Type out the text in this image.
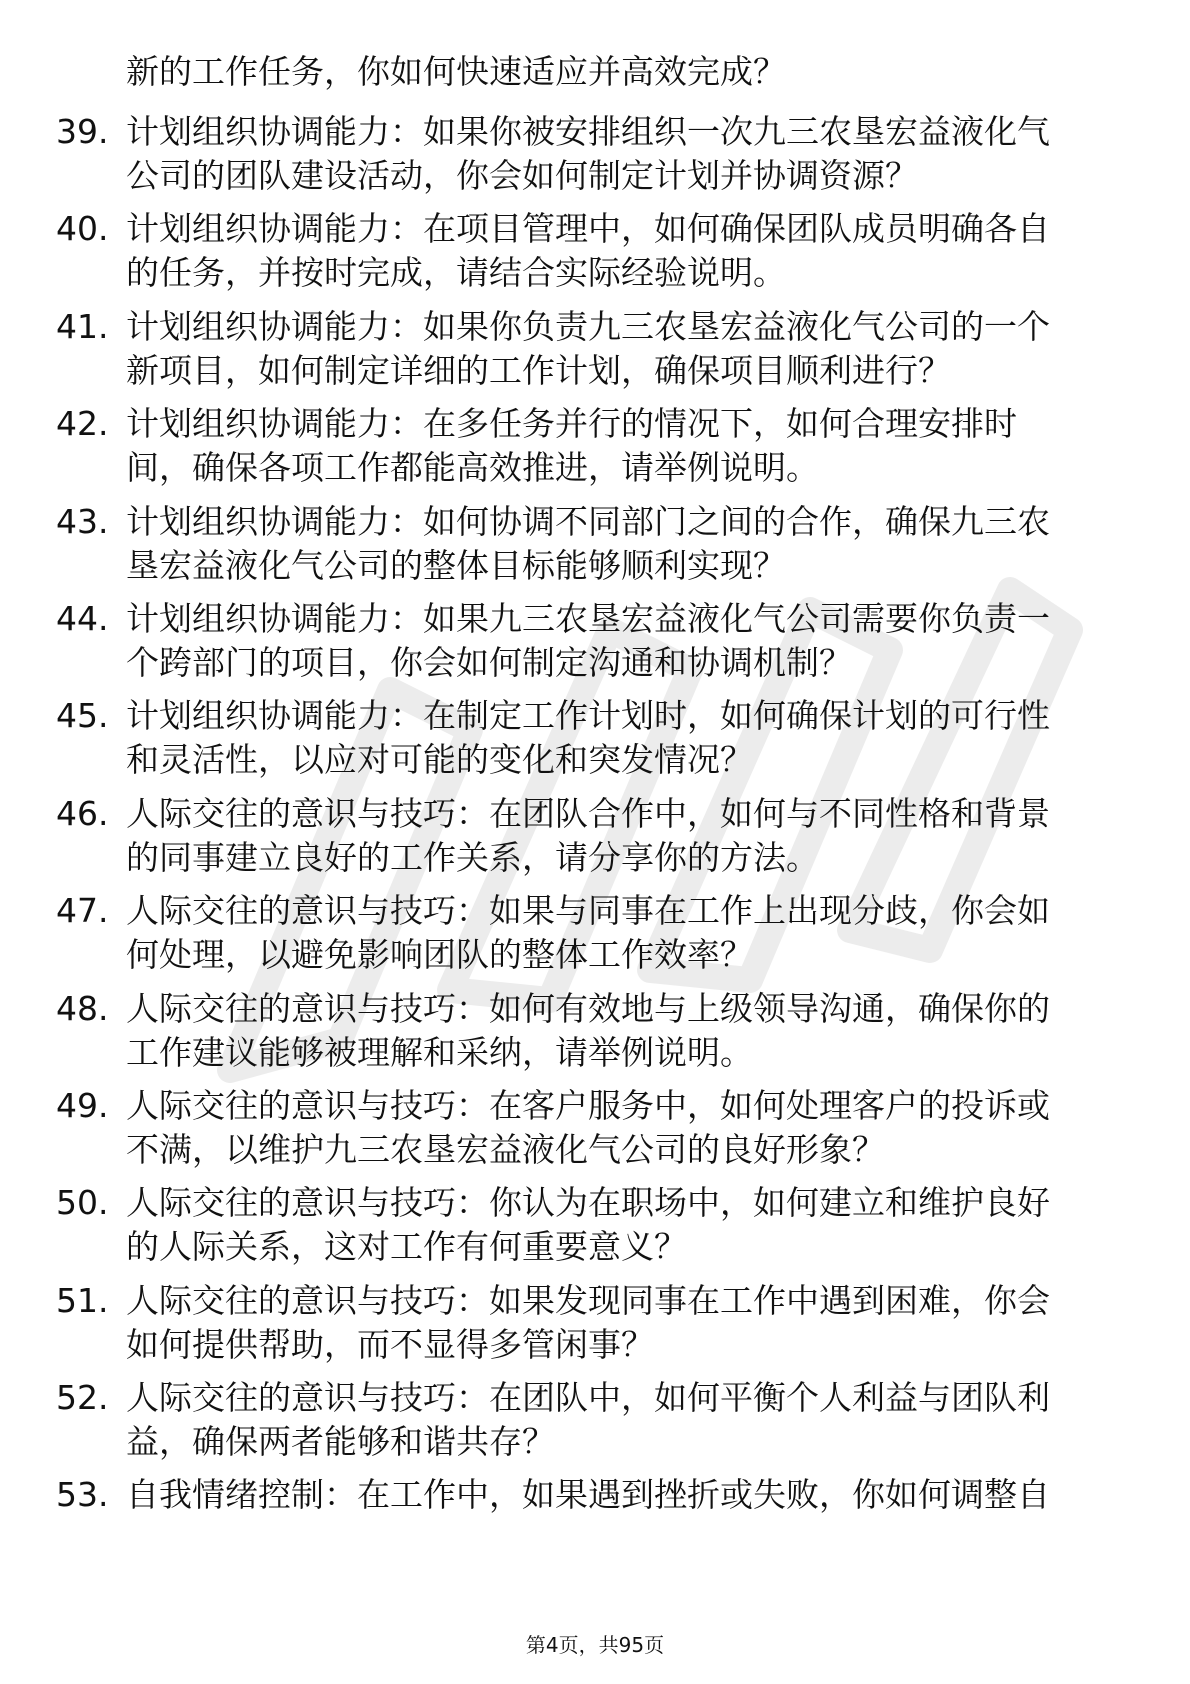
新的工作任务，你如何快速适应并高效完成？
39. 计划组织协调能力：如果你被安排组织一次九三农垦宏益液化气
公司的团队建设活动，你会如何制定计划并协调资源？
40. 计划组织协调能力：在项目管理中，如何确保团队成员明确各自
的任务，并按时完成，请结合实际经验说明。
41. 计划组织协调能力：如果你负责九三农垦宏益液化气公司的一个
新项目，如何制定详细的工作计划，确保项目顺利进行？
42. 计划组织协调能力：在多任务并行的情况下，如何合理安排时
间，确保各项工作都能高效推进，请举例说明。
43. 计划组织协调能力：如何协调不同部门之间的合作，确保九三农
垦宏益液化气公司的整体目标能够顺利实现？
44. 计划组织协调能力：如果九三农垦宏益液化气公司需要你负责一
个跨部门的项目，你会如何制定沟通和协调机制？
45. 计划组织协调能力：在制定工作计划时，如何确保计划的可行性
和灵活性，以应对可能的变化和突发情况？
46. 人际交往的意识与技巧：在团队合作中，如何与不同性格和背景
的同事建立良好的工作关系，请分享你的方法。
47. 人际交往的意识与技巧：如果与同事在工作上出现分歧，你会如
何处理，以避免影响团队的整体工作效率？
48. 人际交往的意识与技巧：如何有效地与上级领导沟通，确保你的
工作建议能够被理解和采纳，请举例说明。
49. 人际交往的意识与技巧：在客户服务中，如何处理客户的投诉或
不满，以维护九三农垦宏益液化气公司的良好形象？
50. 人际交往的意识与技巧：你认为在职场中，如何建立和维护良好
的人际关系，这对工作有何重要意义？
51. 人际交往的意识与技巧：如果发现同事在工作中遇到困难，你会
如何提供帮助，而不显得多管闲事？
52. 人际交往的意识与技巧：在团队中，如何平衡个人利益与团队利
益，确保两者能够和谐共存？
53. 自我情绪控制：在工作中，如果遇到挫折或失败，你如何调整自
第4页，共95页
